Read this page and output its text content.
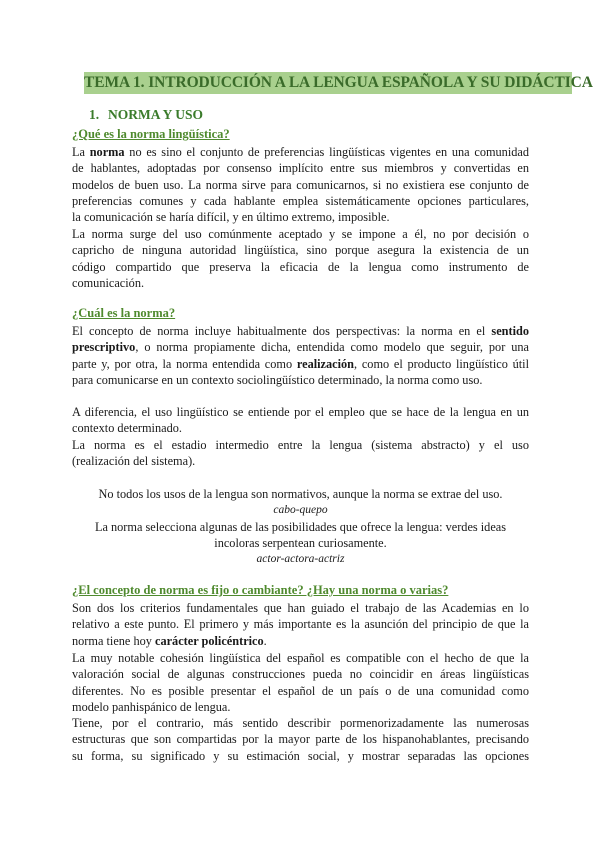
TEMA 1. INTRODUCCIÓN A LA LENGUA ESPAÑOLA Y SU DIDÁCTICA
1. NORMA Y USO
¿Qué es la norma lingüística?
La norma no es sino el conjunto de preferencias lingüísticas vigentes en una comunidad
de hablantes, adoptadas por consenso implícito entre sus miembros y convertidas en
modelos de buen uso. La norma sirve para comunicarnos, si no existiera ese conjunto de
preferencias comunes y cada hablante emplea sistemáticamente opciones particulares,
la comunicación se haría difícil, y en último extremo, imposible.
La norma surge del uso comúnmente aceptado y se impone a él, no por decisión o
capricho de ninguna autoridad lingüística, sino porque asegura la existencia de un
código compartido que preserva la eficacia de la lengua como instrumento de
comunicación.
¿Cuál es la norma?
El concepto de norma incluye habitualmente dos perspectivas: la norma en el sentido
prescriptivo, o norma propiamente dicha, entendida como modelo que seguir, por una
parte y, por otra, la norma entendida como realización, como el producto lingüístico útil
para comunicarse en un contexto sociolingüístico determinado, la norma como uso.
A diferencia, el uso lingüístico se entiende por el empleo que se hace de la lengua en un
contexto determinado.
La norma es el estadio intermedio entre la lengua (sistema abstracto) y el uso
(realización del sistema).
No todos los usos de la lengua son normativos, aunque la norma se extrae del uso.
cabo-quepo
La norma selecciona algunas de las posibilidades que ofrece la lengua: verdes ideas
incoloras serpentean curiosamente.
actor-actora-actriz
¿El concepto de norma es fijo o cambiante? ¿Hay una norma o varias?
Son dos los criterios fundamentales que han guiado el trabajo de las Academias en lo
relativo a este punto. El primero y más importante es la asunción del principio de que la
norma tiene hoy carácter policéntrico.
La muy notable cohesión lingüística del español es compatible con el hecho de que la
valoración social de algunas construcciones pueda no coincidir en áreas lingüísticas
diferentes. No es posible presentar el español de un país o de una comunidad como
modelo panhispánico de lengua.
Tiene, por el contrario, más sentido describir pormenorizadamente las numerosas
estructuras que son compartidas por la mayor parte de los hispanohablantes, precisando
su forma, su significado y su estimación social, y mostrar separadas las opciones
